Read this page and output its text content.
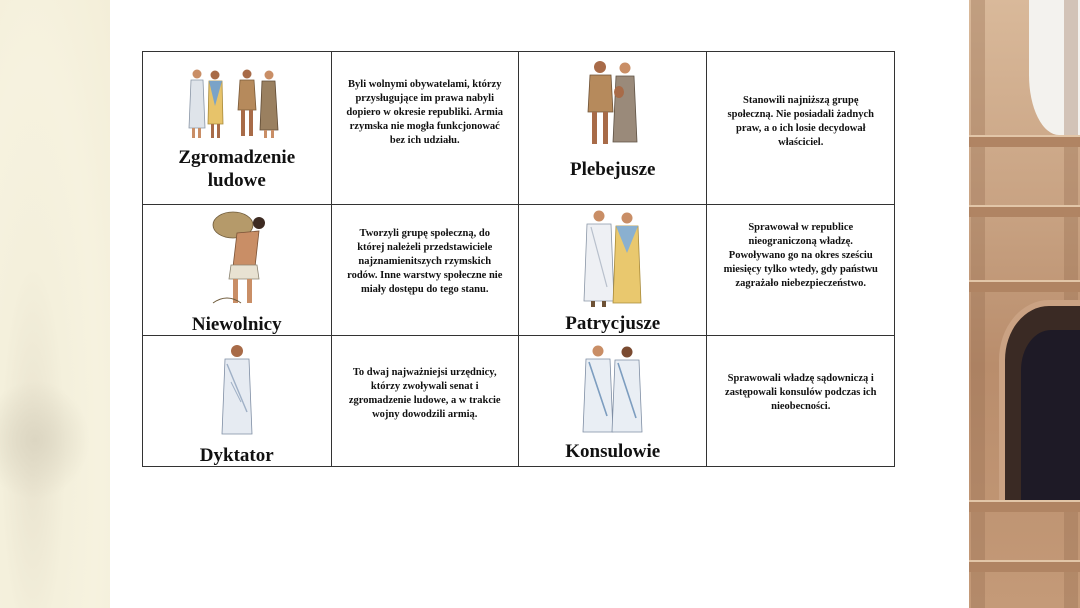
Zgromadzenie ludowe	Byli wolnymi obywatelami, którzy przysługujące im prawa nabyli dopiero w okresie republiki. Armia rzymska nie mogła funkcjonować bez ich udziału.	Plebejusze	Stanowili najniższą grupę społeczną. Nie posiadali żadnych praw, a o ich losie decydował właściciel.

Niewolnicy	Tworzyli grupę społeczną, do której należeli przedstawiciele najznamienitszych rzymskich rodów. Inne warstwy społeczne nie miały dostępu do tego stanu.	Patrycjusze	Sprawował w republice nieograniczoną władzę. Powoływano go na okres sześciu miesięcy tylko wtedy, gdy państwu zagrażało niebezpieczeństwo.

Dyktator	To dwaj najważniejsi urzędnicy, którzy zwoływali senat i zgromadzenie ludowe, a w trakcie wojny dowodzili armią.	Konsulowie	Sprawowali władzę sądowniczą i zastępowali konsulów podczas ich nieobecności.
